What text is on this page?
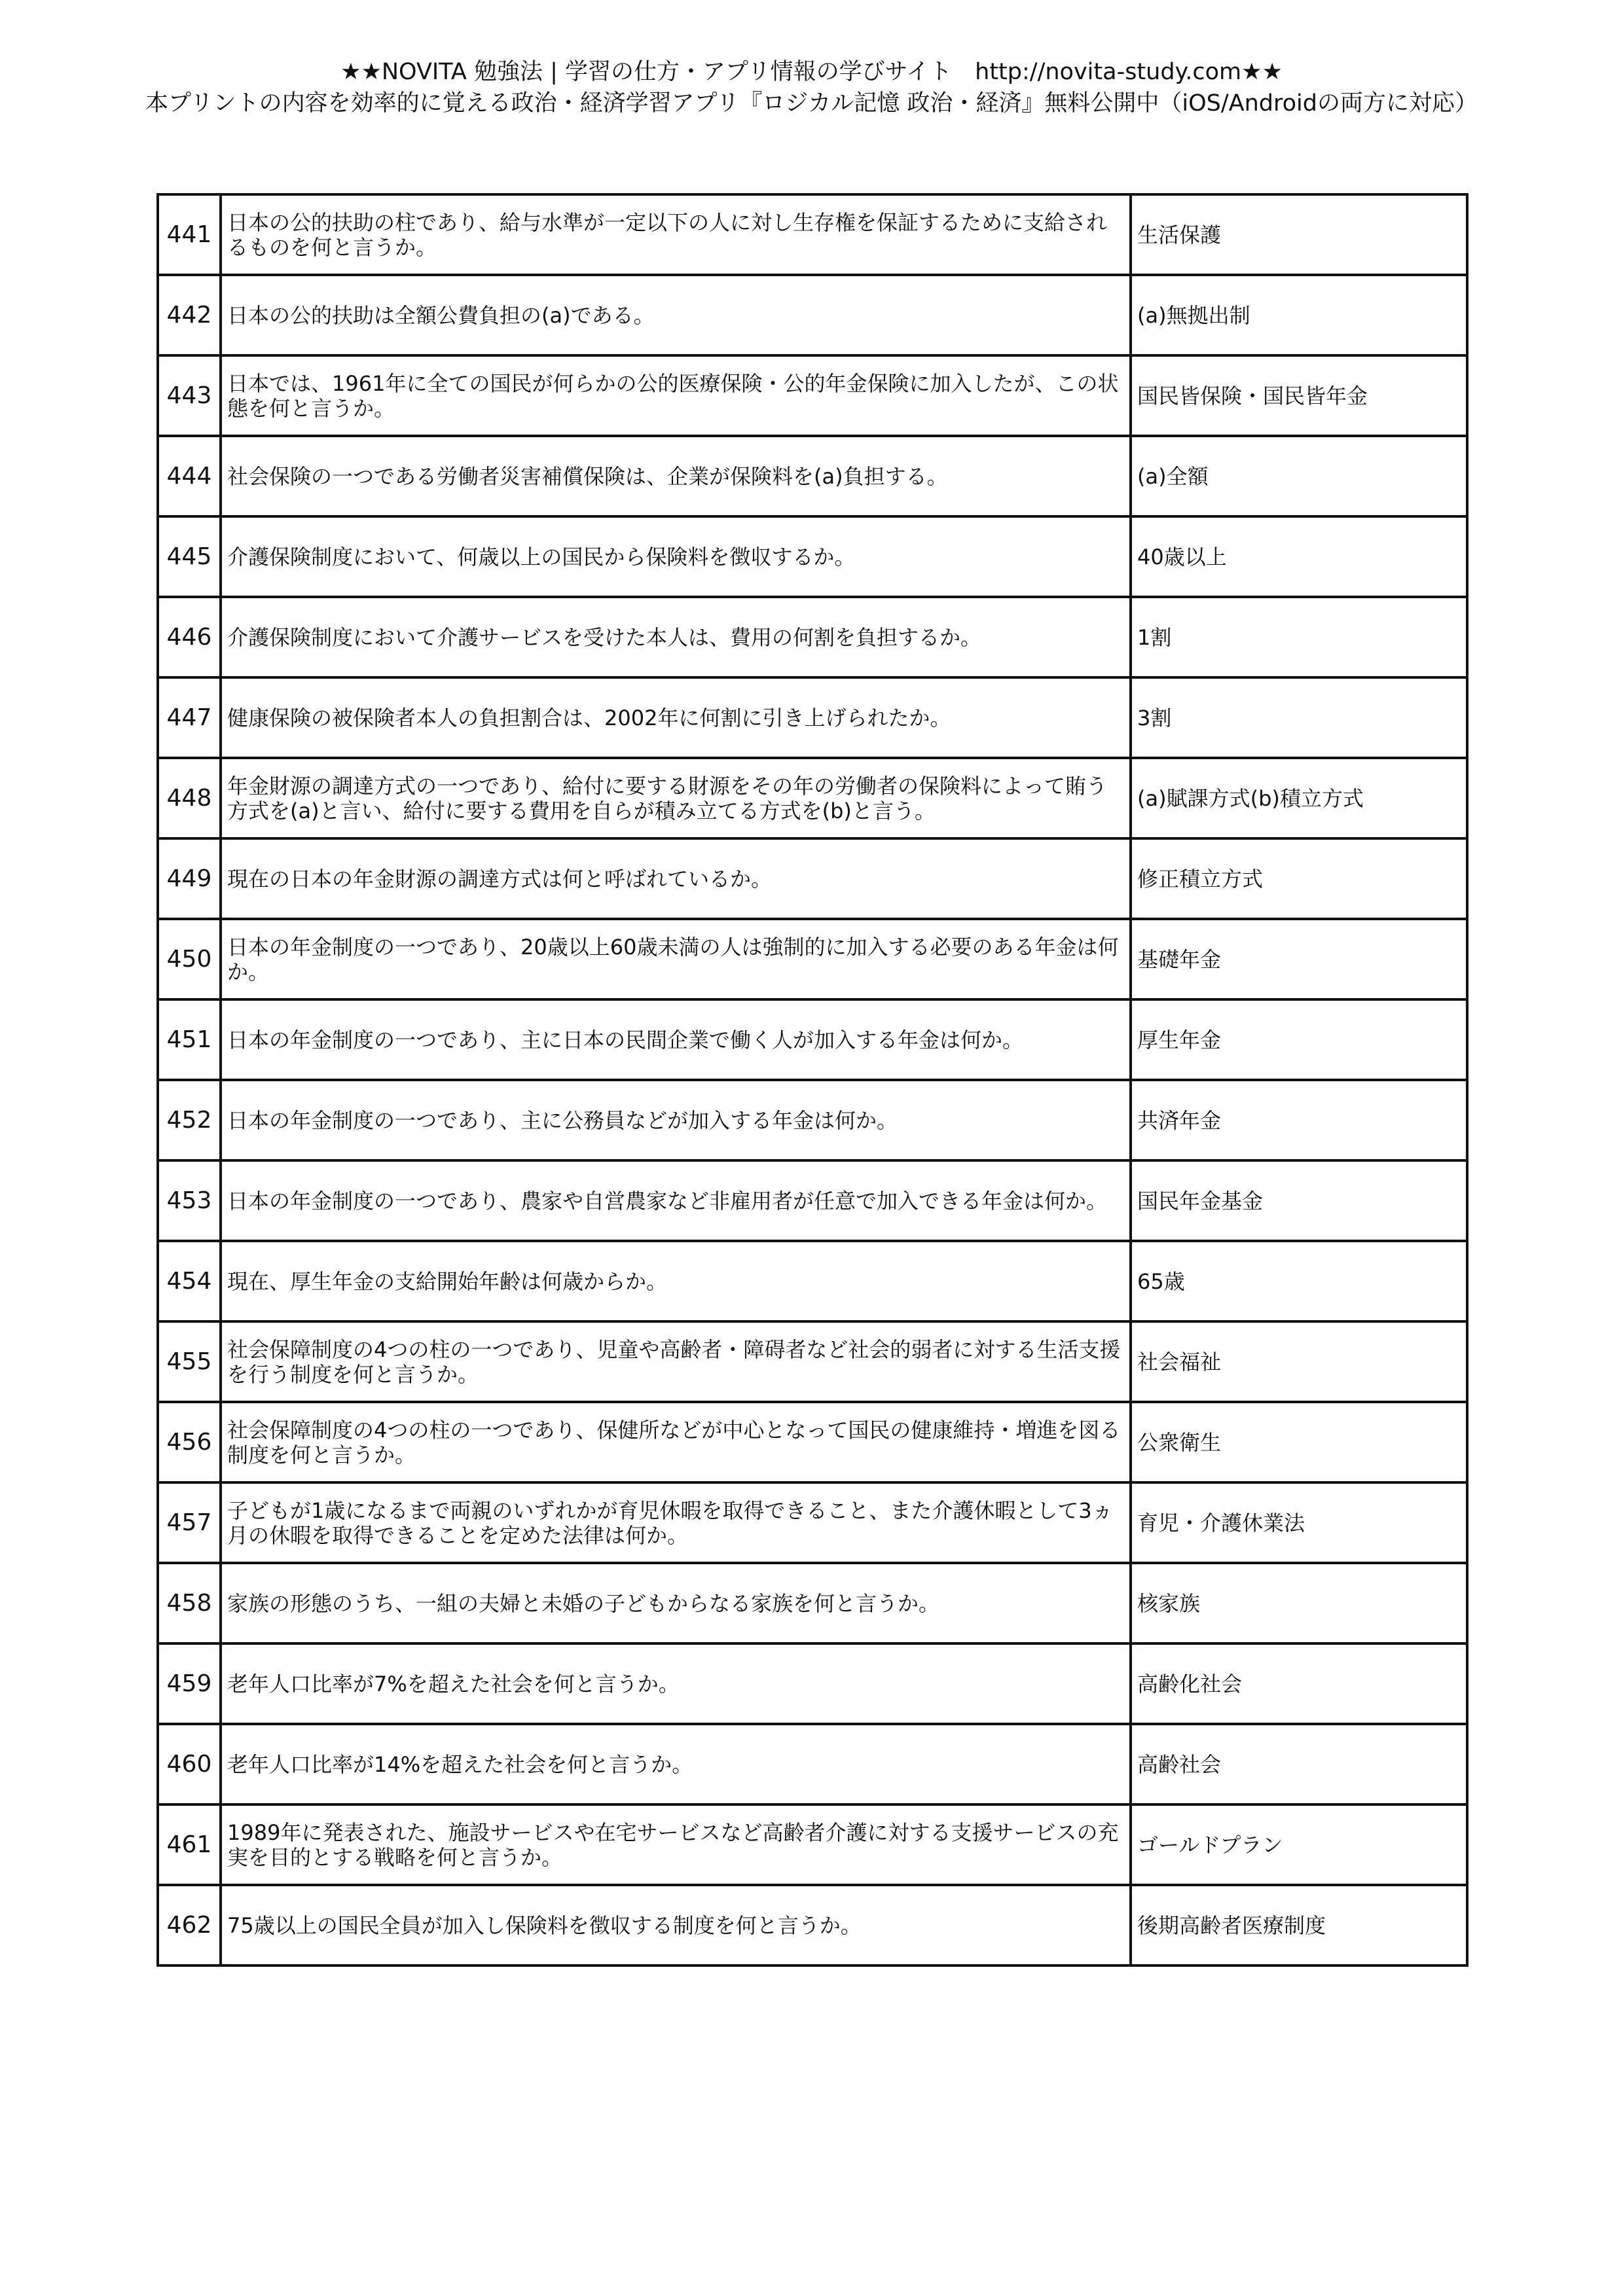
★★NOVITA 勉強法 | 学習の仕方・アプリ情報の学びサイト　http://novita-study.com★★
本プリントの内容を効率的に覚える政治・経済学習アプリ『ロジカル記憶 政治・経済』無料公開中（iOS/Androidの両方に対応）
441	日本の公的扶助の柱であり、給与水準が一定以下の人に対し生存権を保証するために支給されるものを何と言うか。	生活保護
442	日本の公的扶助は全額公費負担の(a)である。	(a)無拠出制
443	日本では、1961年に全ての国民が何らかの公的医療保険・公的年金保険に加入したが、この状態を何と言うか。	国民皆保険・国民皆年金
444	社会保険の一つである労働者災害補償保険は、企業が保険料を(a)負担する。	(a)全額
445	介護保険制度において、何歳以上の国民から保険料を徴収するか。	40歳以上
446	介護保険制度において介護サービスを受けた本人は、費用の何割を負担するか。	1割
447	健康保険の被保険者本人の負担割合は、2002年に何割に引き上げられたか。	3割
448	年金財源の調達方式の一つであり、給付に要する財源をその年の労働者の保険料によって賄う方式を(a)と言い、給付に要する費用を自らが積み立てる方式を(b)と言う。	(a)賦課方式(b)積立方式
449	現在の日本の年金財源の調達方式は何と呼ばれているか。	修正積立方式
450	日本の年金制度の一つであり、20歳以上60歳未満の人は強制的に加入する必要のある年金は何か。	基礎年金
451	日本の年金制度の一つであり、主に日本の民間企業で働く人が加入する年金は何か。	厚生年金
452	日本の年金制度の一つであり、主に公務員などが加入する年金は何か。	共済年金
453	日本の年金制度の一つであり、農家や自営農家など非雇用者が任意で加入できる年金は何か。	国民年金基金
454	現在、厚生年金の支給開始年齢は何歳からか。	65歳
455	社会保障制度の4つの柱の一つであり、児童や高齢者・障碍者など社会的弱者に対する生活支援を行う制度を何と言うか。	社会福祉
456	社会保障制度の4つの柱の一つであり、保健所などが中心となって国民の健康維持・増進を図る制度を何と言うか。	公衆衛生
457	子どもが1歳になるまで両親のいずれかが育児休暇を取得できること、また介護休暇として3ヵ月の休暇を取得できることを定めた法律は何か。	育児・介護休業法
458	家族の形態のうち、一組の夫婦と未婚の子どもからなる家族を何と言うか。	核家族
459	老年人口比率が7%を超えた社会を何と言うか。	高齢化社会
460	老年人口比率が14%を超えた社会を何と言うか。	高齢社会
461	1989年に発表された、施設サービスや在宅サービスなど高齢者介護に対する支援サービスの充実を目的とする戦略を何と言うか。	ゴールドプラン
462	75歳以上の国民全員が加入し保険料を徴収する制度を何と言うか。	後期高齢者医療制度
